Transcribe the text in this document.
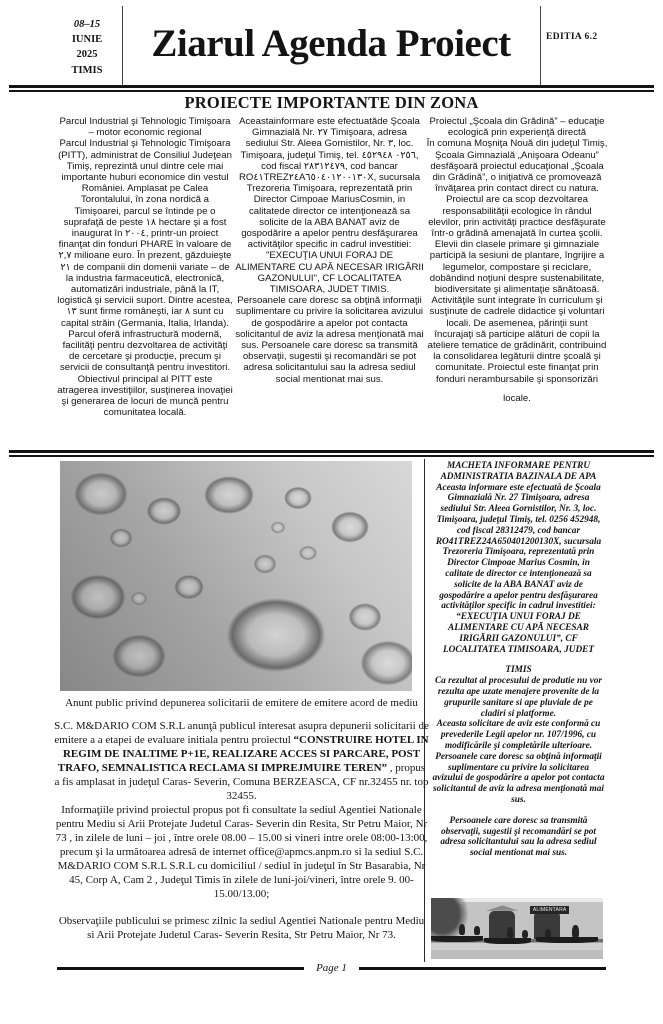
08–15
IUNIE
2025
TIMIS
Ziarul Agenda Proiect	EDITIA 6.2
PROIECTE IMPORTANTE DIN ZONA

Parcul Industrial şi Tehnologic Timişoara – motor economic regional

Parcul Industrial şi Tehnologic Timişoara (PITT), administrat de Consiliul Judeţean Timiş, reprezintă unul dintre cele mai importante huburi economice din vestul României. Amplasat pe Calea Torontalului, în zona nordică a Timişoarei, parcul se întinde pe o suprafaţă de peste ١٨ hectare şi a fost inaugurat în ٢٠٠٤, printr-un proiect finanţat din fonduri PHARE în valoare de ٢,٧ milioane euro. În prezent, găzduieşte ٢١ de companii din domenii variate – de la industria farmaceutică, electronică, automatizări industriale, până la IT, logistică şi servicii suport. Dintre acestea, ١٣ sunt firme româneşti, iar ٨ sunt cu capital străin (Germania, Italia, Irlanda). Parcul oferă infrastructură modernă, facilităţi pentru dezvoltarea de activităţi de cercetare şi producţie, precum şi servicii de consultanţă pentru investitori. Obiectivul principal al PITT este atragerea investiţiilor, susţinerea inovaţiei şi generarea de locuri de muncă pentru comunitatea locală.

Aceastainformare este efectuatăde Şcoala Gimnazială Nr. ٢٧ Timişoara, adresa sediului Str. Aleea Gornistilor, Nr. ٣, loc. Timişoara, judeţul Timiş, tel. ٠٢٥٦ ٤٥٢٩٤٨, cod fiscal ٢٨٣١٢٤٧٩, cod bancar RO٤١TREZ٢٤A٦٥٠٤٠١٢٠٠١٣٠X, sucursala Trezoreria Timişoara, reprezentată prin Director Cimpoae MariusCosmin, in calitatede director ce intenţionează sa solicite de la ABA BANAT aviz de gospodărire a apelor pentru desfăşurarea activităţilor specific in cadrul investitiei: "EXECUŢIA UNUI FORAJ DE ALIMENTARE CU APĂ NECESAR IRIGĂRII GAZONULUI", CF LOCALITATEA TIMISOARA, JUDET TIMIS.

Persoanele care doresc sa obţină informaţii suplimentare cu privire la solicitarea avizului de gospodărire a apelor pot contacta solicitantul de aviz la adresa menţionată mai sus. Persoanele care doresc sa transmită observaţii, sugestii şi recomandări se pot adresa solicitantului sau la adresa sediul social mentionat mai sus.

Proiectul „Şcoala din Grădină” – educaţie ecologică prin experienţă directă

În comuna Moşniţa Nouă din judeţul Timiş, Şcoala Gimnazială „Anişoara Odeanu” desfăşoară proiectul educaţional „Şcoala din Grădină”, o iniţiativă ce promovează învăţarea prin contact direct cu natura. Proiectul are ca scop dezvoltarea responsabilităţii ecologice în rândul elevilor, prin activităţi practice desfăşurate într-o grădină amenajată în curtea şcolii. Elevii din clasele primare şi gimnaziale participă la sesiuni de plantare, îngrijire a legumelor, compostare şi reciclare, dobândind noţiuni despre sustenabilitate, biodiversitate şi alimentaţie sănătoasă. Activităţile sunt integrate în curriculum şi susţinute de cadrele didactice şi voluntari locali. De asemenea, părinţii sunt încurajaţi să participe alături de copii la ateliere tematice de grădinărit, contribuind la consolidarea legăturii dintre şcoală şi comunitate. Proiectul este finanţat prin fonduri nerambursabile şi sponsorizări

locale.

MACHETA INFORMARE PENTRU ADMINISTRATIA BAZINALA DE APA

Aceasta informare este efectuată de Şcoala Gimnazială Nr. 27 Timişoara, adresa sediului Str. Aleea Gornistilor, Nr. 3, loc. Timişoara, judeţul Timiş, tel. 0256 452948, cod fiscal 28312479, cod bancar RO41TREZ24A650401200130X, sucursala Trezoreria Timişoara, reprezentată prin Director Cimpoae Marius Cosmin, in calitate de director ce intenţionează sa solicite de la ABA BANAT aviz de gospodărire a apelor pentru desfăşurarea activităţilor specific in cadrul investitiei:

“EXECUŢIA UNUI FORAJ DE ALIMENTARE CU APĂ NECESAR IRIGĂRII GAZONULUI”, CF LOCALITATEA TIMISOARA, JUDET

TIMIS

Ca rezultat al procesului de produtie nu vor rezulta ape uzate menajere provenite de la grupurile sanitare si ape pluviale de pe cladiri si platforme.

Aceasta solicitare de aviz este conformă cu prevederile Legii apelor nr. 107/1996, cu modificările şi completările ulterioare.

Persoanele care doresc sa obţină informaţii suplimentare cu privire la solicitarea avizului de gospodărire a apelor pot contacta solicitantul de aviz la adresa menţionată mai sus.

Persoanele care doresc sa transmită observaţii, sugestii şi recomandări se pot adresa solicitantului sau la adresa sediul social mentionat mai sus.

ALIMENTARA

Anunt public privind depunerea solicitarii de emitere de emitere acord de mediu

S.C. M&DARIO COM S.R.L anunţă publicul interesat asupra depunerii solicitarii de emitere a a etapei de evaluare initiala pentru proiectul “CONSTRUIRE HOTEL IN REGIM DE INALTIME P+1E, REALIZARE ACCES SI PARCARE, POST TRAFO, SEMNALISTICA RECLAMA SI IMPREJMUIRE TEREN” , propus a fis amplasat in judeţul Caras- Severin, Comuna BERZEASCA, CF nr.32455 nr. top 32455.

Informaţiile privind proiectul propus pot fi consultate la sediul Agentiei Nationale pentru Mediu si Arii Protejate Judetul Caras- Severin din Resita, Str Petru Maior, Nr 73 , in zilele de luni – joi , între orele 08.00 – 15.00 si vineri intre orele 08:00-13:00, precum şi la următoarea adresă de internet office@apmcs.anpm.ro si la sediul S.C. M&DARIO COM S.R.L S.R.L cu domiciliul / sediul în judeţul în Str Basarabia, Nr 45, Corp A, Cam 2 , Judeţul Timis în zilele de luni-joi/vineri, între orele 9. 00-15.00/13.00;

Observaţiile publicului se primesc zilnic la sediul Agentiei Nationale pentru Mediu si Arii Protejate Judetul Caras- Severin Resita, Str Petru Maior, Nr 73.

Page 1
